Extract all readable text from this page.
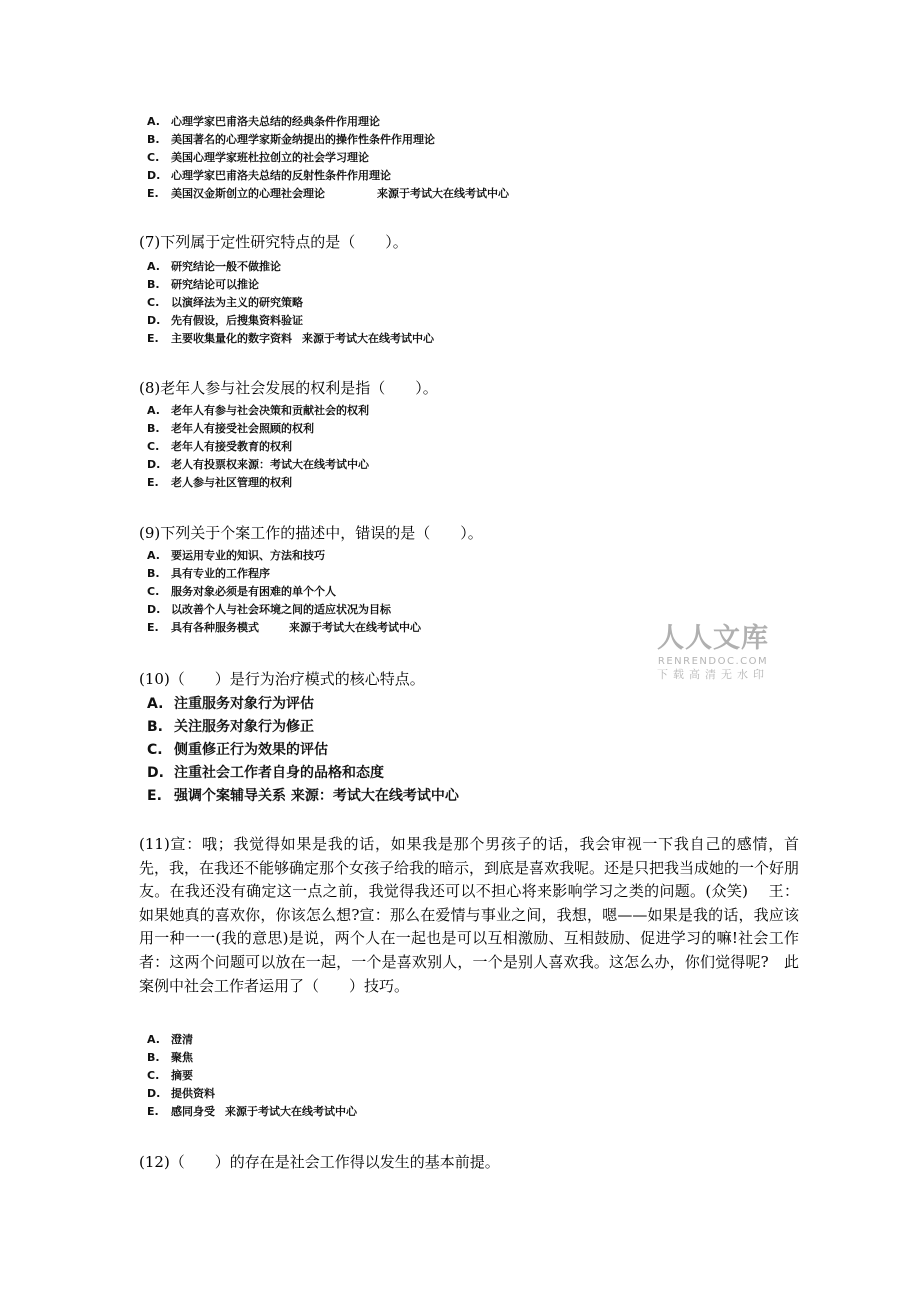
A. 心理学家巴甫洛夫总结的经典条件作用理论
B. 美国著名的心理学家斯金纳提出的操作性条件作用理论
C. 美国心理学家班杜拉创立的社会学习理论
D. 心理学家巴甫洛夫总结的反射性条件作用理论
E. 美国汉金斯创立的心理社会理论	来源于考试大在线考试中心

(7)下列属于定性研究特点的是（　　）。

A. 研究结论一般不做推论
B. 研究结论可以推论
C. 以演绎法为主义的研究策略
D. 先有假设，后搜集资料验证
E. 主要收集量化的数字资料 来源于考试大在线考试中心

(8)老年人参与社会发展的权利是指（　　）。

A. 老年人有参与社会决策和贡献社会的权利
B. 老年人有接受社会照顾的权利
C. 老年人有接受教育的权利
D. 老人有投票权来源：考试大在线考试中心
E. 老人参与社区管理的权利

(9)下列关于个案工作的描述中，错误的是（　　）。

A. 要运用专业的知识、方法和技巧
B. 具有专业的工作程序
C. 服务对象必须是有困难的单个个人
D. 以改善个人与社会环境之间的适应状况为目标
E. 具有各种服务模式	来源于考试大在线考试中心	人人文库
RENRENDOC.COM
下载高清无水印

(10)（　　）是行为治疗模式的核心特点。

A. 注重服务对象行为评估
B. 关注服务对象行为修正
C. 侧重修正行为效果的评估
D. 注重社会工作者自身的品格和态度
E. 强调个案辅导关系 来源：考试大在线考试中心

(11)宣：哦；我觉得如果是我的话，如果我是那个男孩子的话，我会审视一下我自己的感情，首先，我，在我还不能够确定那个女孩子给我的暗示，到底是喜欢我呢。还是只把我当成她的一个好朋友。在我还没有确定这一点之前，我觉得我还可以不担心将来影响学习之类的问题。(众笑)　 王：如果她真的喜欢你，你该怎么想?宣：那么在爱情与事业之间，我想，嗯——如果是我的话，我应该用一种一一(我的意思)是说，两个人在一起也是可以互相激励、互相鼓励、促进学习的嘛!社会工作者：这两个问题可以放在一起，一个是喜欢别人，一个是别人喜欢我。这怎么办，你们觉得呢?　此案例中社会工作者运用了（　　）技巧。

A. 澄清
B. 聚焦
C. 摘要
D. 提供资料
E. 感同身受 来源于考试大在线考试中心

(12)（　　）的存在是社会工作得以发生的基本前提。
